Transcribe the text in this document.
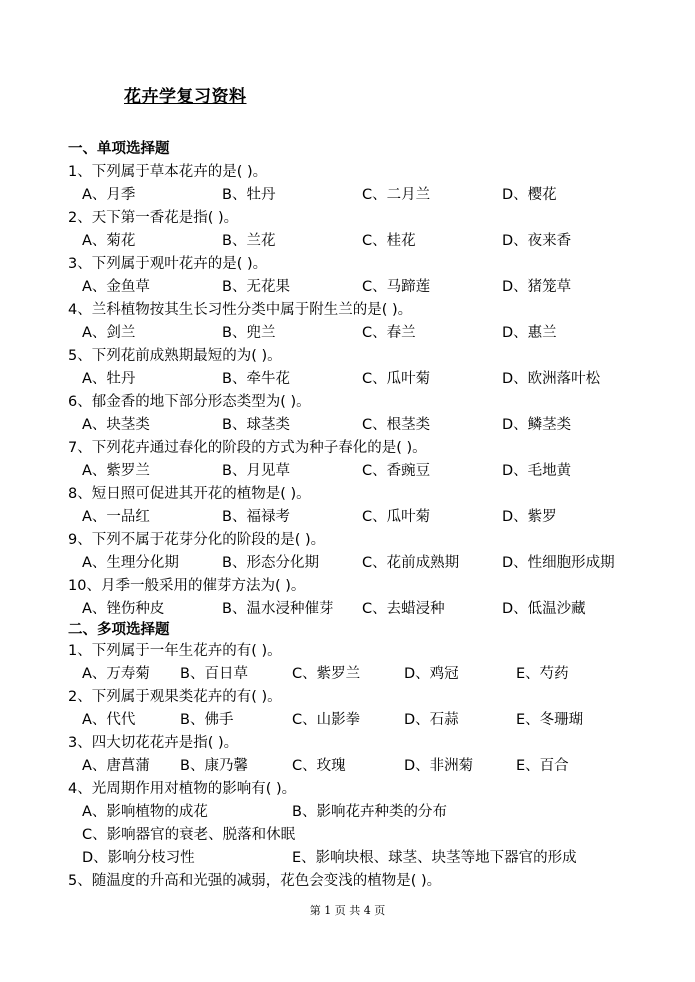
花卉学复习资料
一、单项选择题
1、下列属于草本花卉的是( )。
A、月季	B、牡丹	C、二月兰	D、樱花
2、天下第一香花是指( )。
A、菊花	B、兰花	C、桂花	D、夜来香
3、下列属于观叶花卉的是( )。
A、金鱼草	B、无花果	C、马蹄莲	D、猪笼草
4、兰科植物按其生长习性分类中属于附生兰的是( )。
A、剑兰	B、兜兰	C、春兰	D、惠兰
5、下列花前成熟期最短的为( )。
A、牡丹	B、牵牛花	C、瓜叶菊	D、欧洲落叶松
6、郁金香的地下部分形态类型为( )。
A、块茎类	B、球茎类	C、根茎类	D、鳞茎类
7、下列花卉通过春化的阶段的方式为种子春化的是( )。
A、紫罗兰	B、月见草	C、香豌豆	D、毛地黄
8、短日照可促进其开花的植物是( )。
A、一品红	B、福禄考	C、瓜叶菊	D、紫罗
9、下列不属于花芽分化的阶段的是( )。
A、生理分化期	B、形态分化期	C、花前成熟期	D、性细胞形成期
10、月季一般采用的催芽方法为( )。
A、锉伤种皮	B、温水浸种催芽 C、去蜡浸种	D、低温沙藏
二、多项选择题
1、下列属于一年生花卉的有( )。
A、万寿菊 B、百日草	C、紫罗兰	D、鸡冠	E、芍药
2、下列属于观果类花卉的有( )。
A、代代	B、佛手	C、山影拳	D、石蒜	E、冬珊瑚
3、四大切花花卉是指( )。
A、唐菖蒲 B、康乃馨	C、玫瑰	D、非洲菊	E、百合
4、光周期作用对植物的影响有( )。
A、影响植物的成花	B、影响花卉种类的分布
C、影响器官的衰老、脱落和休眠
D、影响分枝习性	E、影响块根、球茎、块茎等地下器官的形成
5、随温度的升高和光强的减弱，花色会变浅的植物是( )。
第 1 页 共 4 页
